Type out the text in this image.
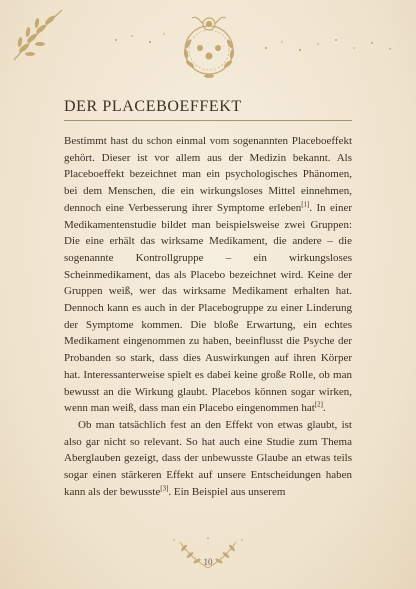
DER PLACEBOEFFEKT

Bestimmt hast du schon einmal vom sogenannten Placeboeffekt gehört. Dieser ist vor allem aus der Medizin bekannt. Als Placeboeffekt bezeichnet man ein psychologisches Phänomen, bei dem Menschen, die ein wirkungsloses Mittel einnehmen, dennoch eine Verbesserung ihrer Symptome erleben[1]. In einer Medikamentenstudie bildet man beispielsweise zwei Gruppen: Die eine erhält das wirksame Medikament, die andere – die sogenannte Kontrollgruppe – ein wirkungsloses Scheinmedikament, das als Placebo bezeichnet wird. Keine der Gruppen weiß, wer das wirksame Medikament erhalten hat. Dennoch kann es auch in der Placebogruppe zu einer Linderung der Symptome kommen. Die bloße Erwartung, ein echtes Medikament eingenommen zu haben, beeinflusst die Psyche der Probanden so stark, dass dies Auswirkungen auf ihren Körper hat. Interessanterweise spielt es dabei keine große Rolle, ob man bewusst an die Wirkung glaubt. Placebos können sogar wirken, wenn man weiß, dass man ein Placebo eingenommen hat[2].

Ob man tatsächlich fest an den Effekt von etwas glaubt, ist also gar nicht so relevant. So hat auch eine Studie zum Thema Aberglauben gezeigt, dass der unbewusste Glaube an etwas teils sogar einen stärkeren Effekt auf unsere Entscheidungen haben kann als der bewusste[3]. Ein Beispiel aus unserem

10
